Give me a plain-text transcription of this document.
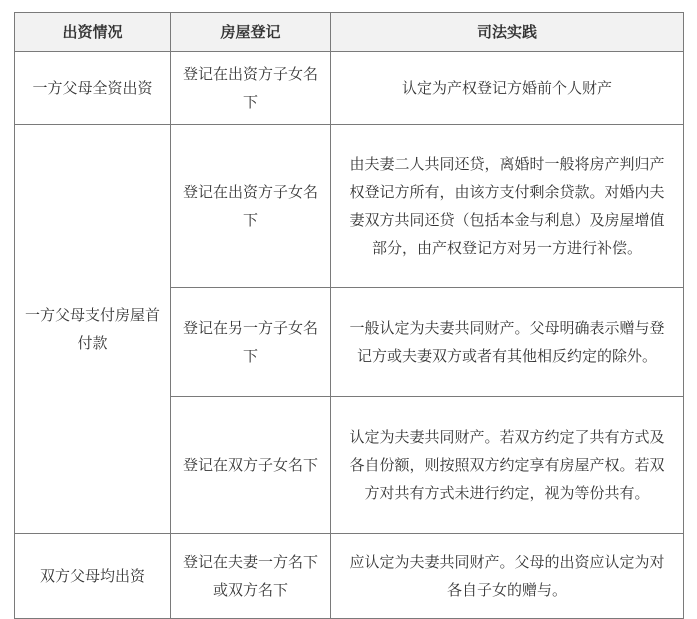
出资情况	房屋登记	司法实践
一方父母全资出资	登记在出资方子女名下	认定为产权登记方婚前个人财产
一方父母支付房屋首付款	登记在出资方子女名下	由夫妻二人共同还贷，离婚时一般将房产判归产权登记方所有，由该方支付剩余贷款。对婚内夫妻双方共同还贷（包括本金与利息）及房屋增值部分，由产权登记方对另一方进行补偿。
	登记在另一方子女名下	一般认定为夫妻共同财产。父母明确表示赠与登记方或夫妻双方或者有其他相反约定的除外。
	登记在双方子女名下	认定为夫妻共同财产。若双方约定了共有方式及各自份额，则按照双方约定享有房屋产权。若双方对共有方式未进行约定，视为等份共有。
双方父母均出资	登记在夫妻一方名下或双方名下	应认定为夫妻共同财产。父母的出资应认定为对各自子女的赠与。
